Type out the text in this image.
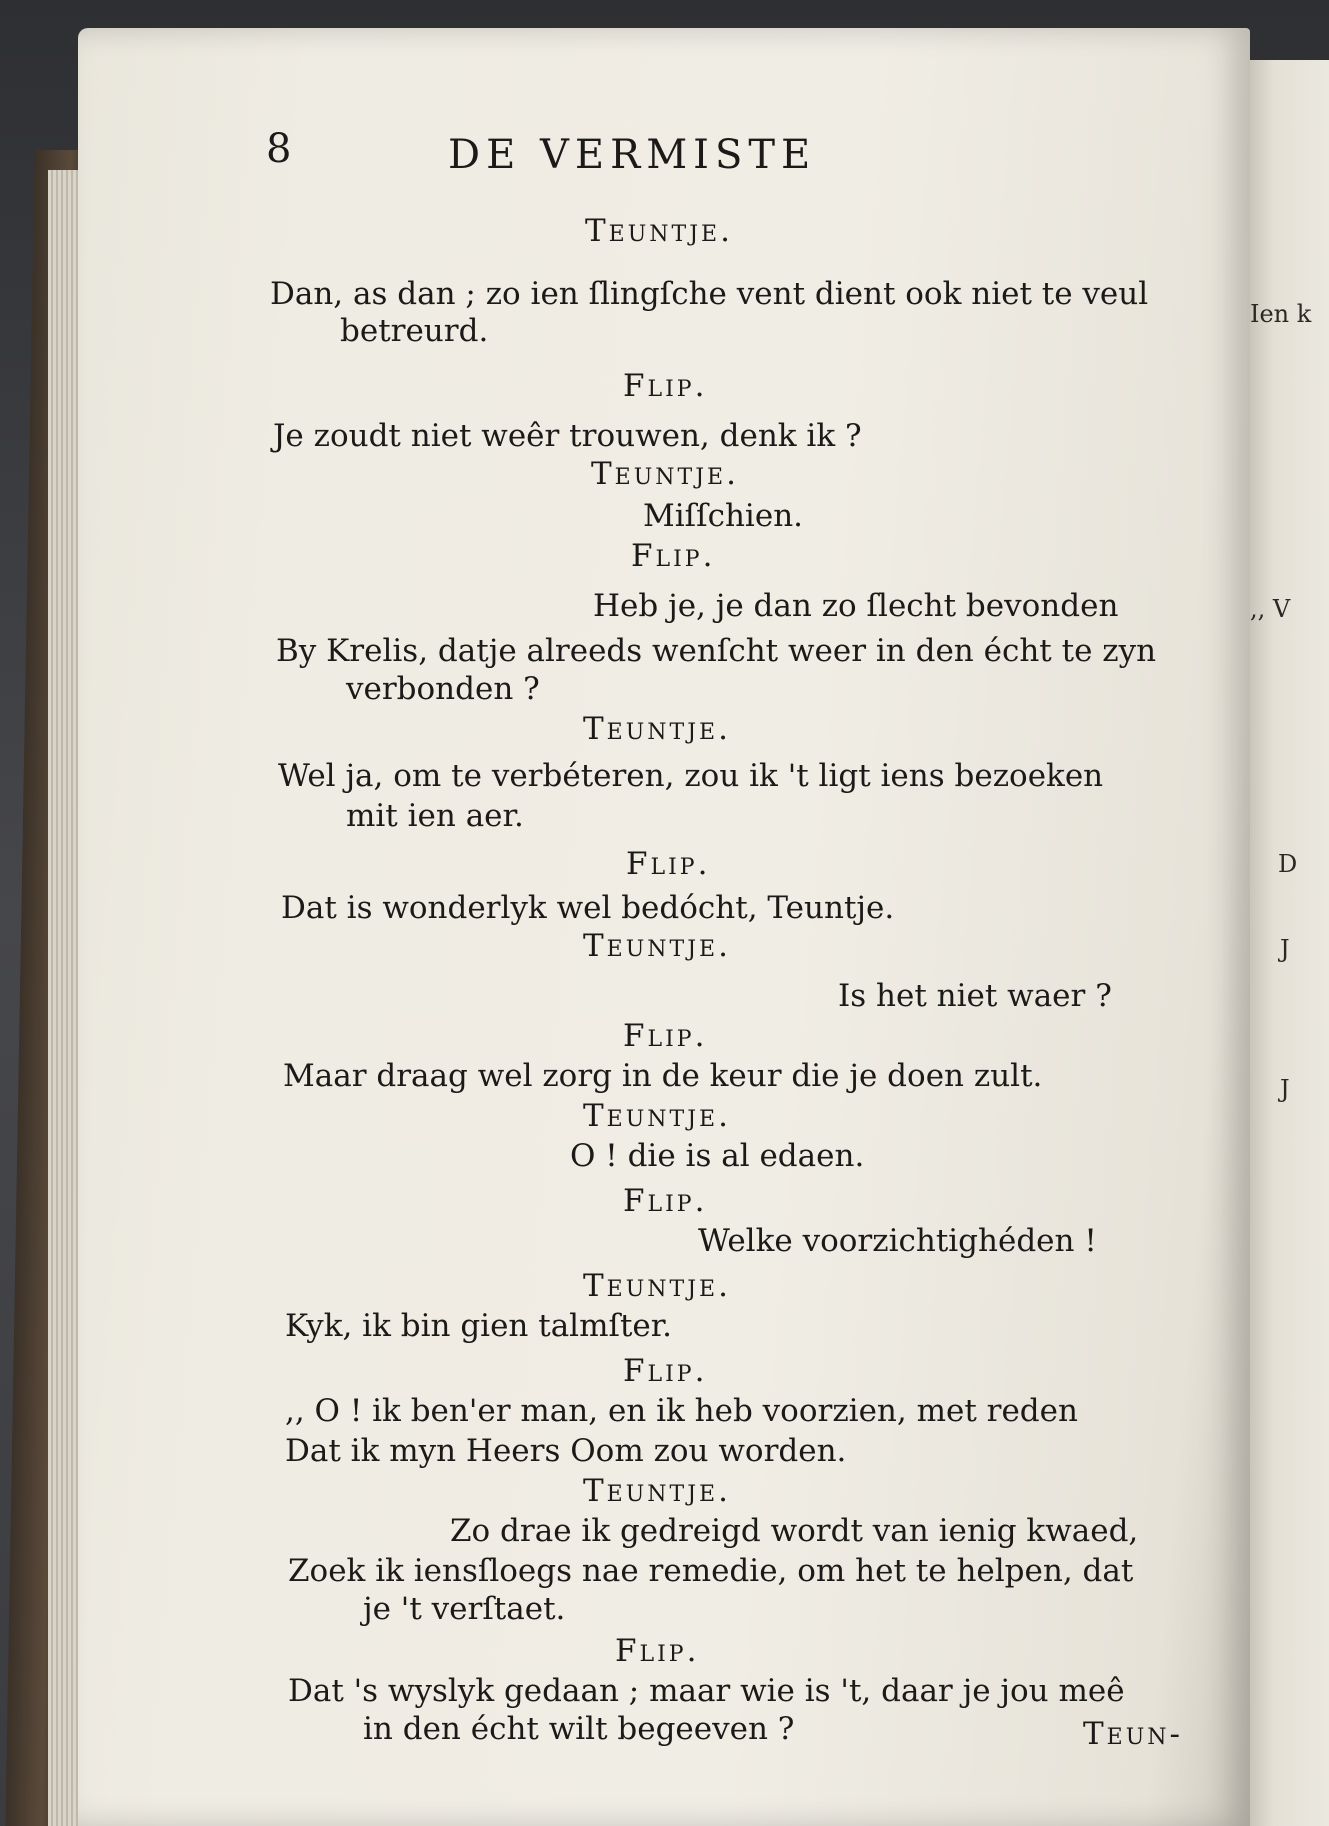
8	DE VERMISTE
Teuntje.
Dan, as dan ; zo ien ſlingſche vent dient ook niet te veul
betreurd.
Flip.
Je zoudt niet weêr trouwen, denk ik ?
Teuntje.
Miſſchien.
Flip.
Heb je, je dan zo ſlecht bevonden
By Krelis, datje alreeds wenſcht weer in den écht te zyn
verbonden ?
Teuntje.
Wel ja, om te verbéteren, zou ik 't ligt iens bezoeken
mit ien aer.
Flip.
Dat is wonderlyk wel bedócht, Teuntje.
Teuntje.
Is het niet waer ?
Flip.
Maar draag wel zorg in de keur die je doen zult.
Teuntje.
O ! die is al edaen.
Flip.
Welke voorzichtighéden !
Teuntje.
Kyk, ik bin gien talmſter.
Flip.
,, O ! ik ben'er man, en ik heb voorzien, met reden
Dat ik myn Heers Oom zou worden.
Teuntje.
Zo drae ik gedreigd wordt van ienig kwaed,
Zoek ik iensſloegs nae remedie, om het te helpen, dat
je 't verſtaet.
Flip.
Dat 's wyslyk gedaan ; maar wie is 't, daar je jou meê
in den écht wilt begeeven ?	Teun-
Ien k
,, V
D
J
J
